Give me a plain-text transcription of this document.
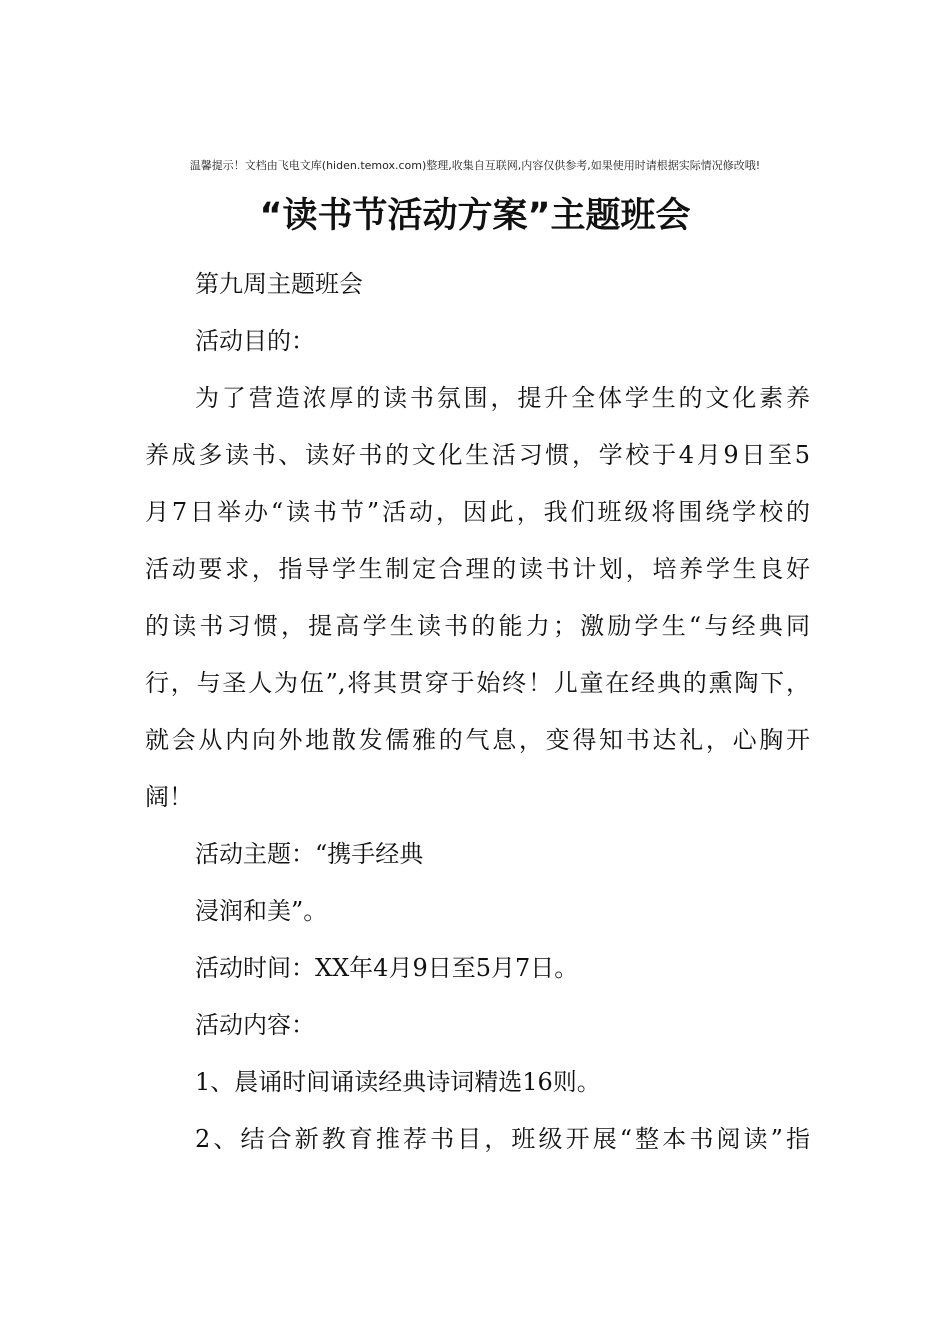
温馨提示！文档由飞电文库(hiden.temox.com)整理,收集自互联网,内容仅供参考,如果使用时请根据实际情况修改哦!
“读书节活动方案”主题班会
第九周主题班会
活动目的：
为了营造浓厚的读书氛围，提升全体学生的文化素养
养成多读书、读好书的文化生活习惯，学校于4月9日至5
月7日举办“读书节”活动，因此，我们班级将围绕学校的
活动要求，指导学生制定合理的读书计划，培养学生良好
的读书习惯，提高学生读书的能力；激励学生“与经典同
行，与圣人为伍”,将其贯穿于始终！儿童在经典的熏陶下，
就会从内向外地散发儒雅的气息，变得知书达礼，心胸开
阔！
活动主题：“携手经典
浸润和美”。
活动时间：XX年4月9日至5月7日。
活动内容：
1、晨诵时间诵读经典诗词精选16则。
2、结合新教育推荐书目，班级开展“整本书阅读”指
